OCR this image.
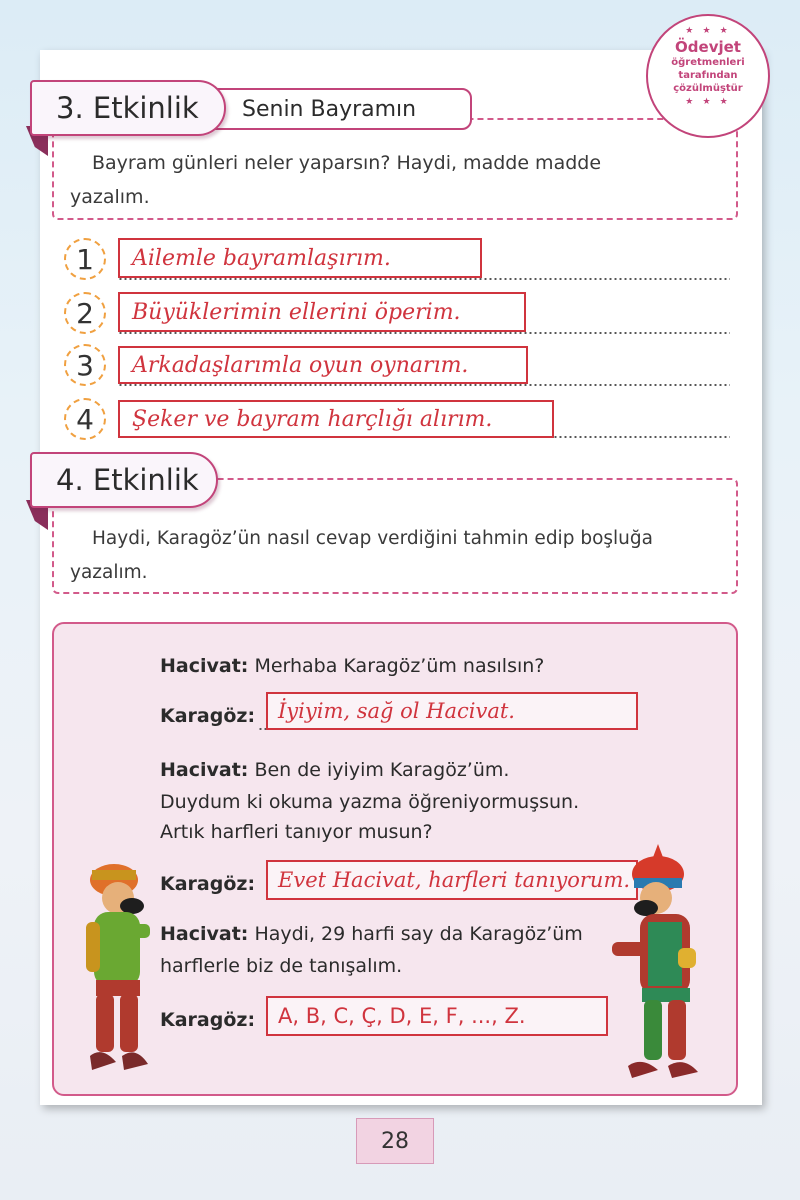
★ ★ ★
Ödevjet
öğretmenleri
tarafından
çözülmüştür
★ ★ ★
Senin Bayramın
3. Etkinlik
Bayram günleri neler yaparsın? Haydi, madde madde
yazalım.
1	Ailemle bayramlaşırım.
2	Büyüklerimin ellerini öperim.
3	Arkadaşlarımla oyun oynarım.
4	Şeker ve bayram harçlığı alırım.
4. Etkinlik
Haydi, Karagöz’ün nasıl cevap verdiğini tahmin edip boşluğa
yazalım.
Hacivat: Merhaba Karagöz’üm nasılsın?
Karagöz:	İyiyim, sağ ol Hacivat.
Hacivat: Ben de iyiyim Karagöz’üm.
Duydum ki okuma yazma öğreniyormuşsun.
Artık harfleri tanıyor musun?
Karagöz:	Evet Hacivat, harfleri tanıyorum.
Hacivat: Haydi, 29 harfi say da Karagöz’üm
harflerle biz de tanışalım.
Karagöz:	A, B, C, Ç, D, E, F, ..., Z.
28
